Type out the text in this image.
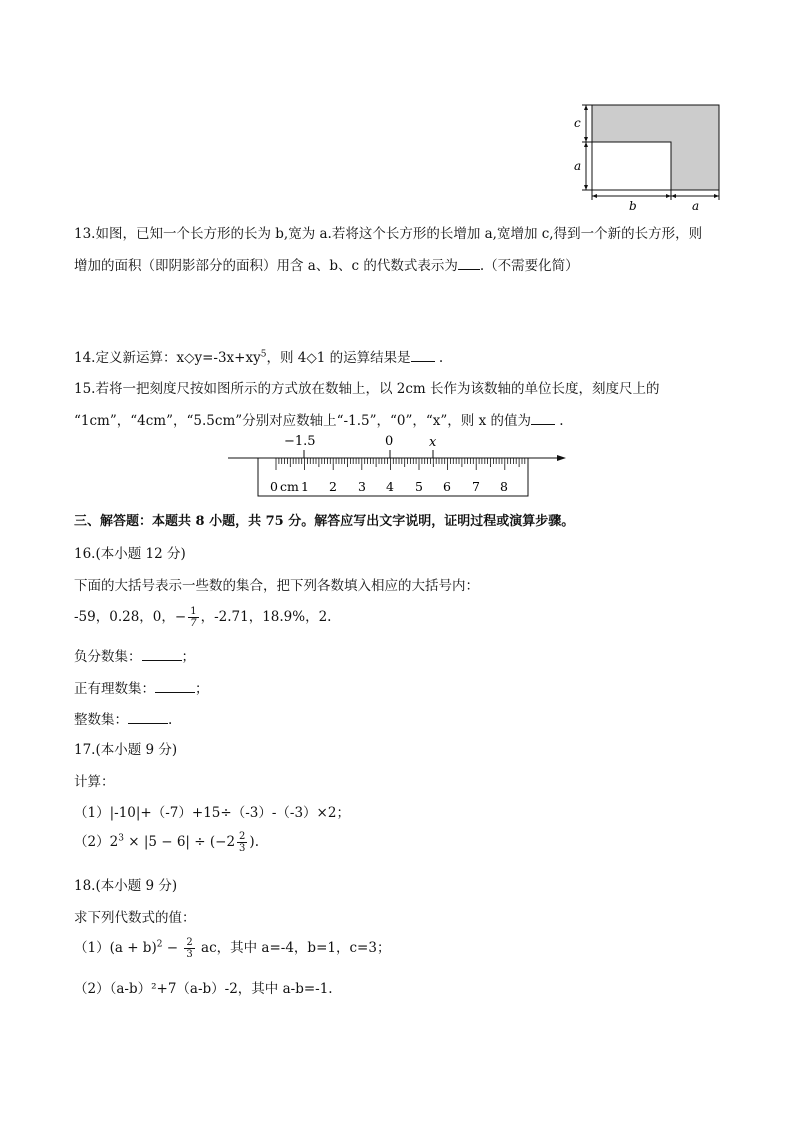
c
a
b	a
13.如图，已知一个长方形的长为 b,宽为 a.若将这个长方形的长增加 a,宽增加 c,得到一个新的长方形，则
增加的面积（即阴影部分的面积）用含 a、b、c 的代数式表示为 .（不需要化简）
14.定义新运算：$x◇y=-3x+xy^5$，则 4◇1 的运算结果是 .
15.若将一把刻度尺按如图所示的方式放在数轴上，以 2cm 长作为该数轴的单位长度，刻度尺上的
“1cm”，“4cm”，“5.5cm”分别对应数轴上“-1.5”，“0”，“x”，则 x 的值为 .
−1.5	0	x
0 cm 1 2 3 4 5 6 7 8
三、解答题：本题共 8 小题，共 75 分。解答应写出文字说明，证明过程或演算步骤。
16.(本小题 12 分)
下面的大括号表示一些数的集合，把下列各数填入相应的大括号内：
-59，0.28，0，− $\frac{1}{7}$ ，-2.71，18.9%，2.
负分数集：	；
正有理数集：	；
整数集：	.
17.(本小题 9 分)
计算：
（1）|-10|+（-7）+15÷（-3）-（-3）×2；
$(2)2^3 \times |5 - 6| \div (-2 \frac{2}{3}$ ).
18.(本小题 9 分)
求下列代数式的值：
$(1)(a + b)^2 - \frac{2}{3}$ ac，其中 a=-4，b=1，c=3；
（2）（a-b）²+7（a-b）-2，其中 a-b=-1.
